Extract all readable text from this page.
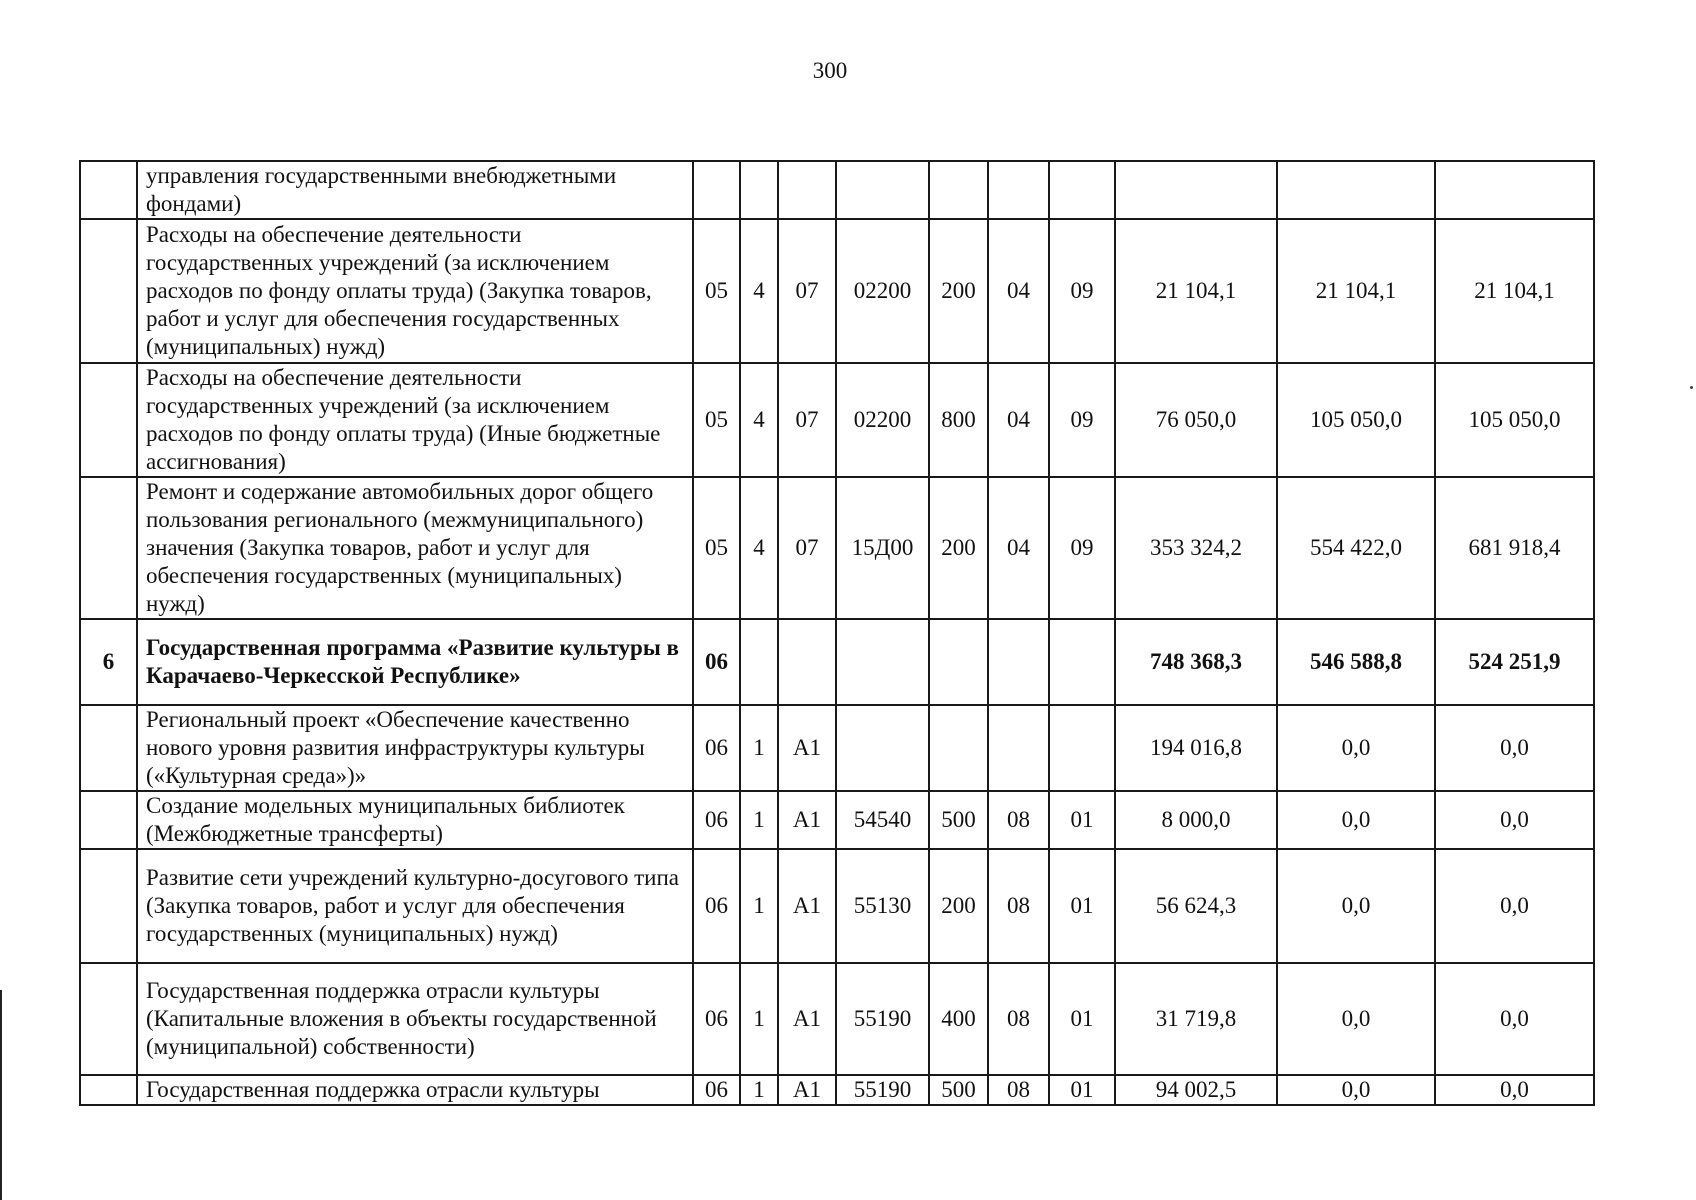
300
	управления государственными внебюджетными фондами)										
	Расходы на обеспечение деятельности государственных учреждений (за исключением расходов по фонду оплаты труда) (Закупка товаров, работ и услуг для обеспечения государственных (муниципальных) нужд)	05	4	07	02200	200	04	09	21 104,1	21 104,1	21 104,1
	Расходы на обеспечение деятельности государственных учреждений (за исключением расходов по фонду оплаты труда) (Иные бюджетные ассигнования)	05	4	07	02200	800	04	09	76 050,0	105 050,0	105 050,0
	Ремонт и содержание автомобильных дорог общего пользования регионального (межмуниципального) значения (Закупка товаров, работ и услуг для обеспечения государственных (муниципальных) нужд)	05	4	07	15Д00	200	04	09	353 324,2	554 422,0	681 918,4
6	Государственная программа «Развитие культуры в Карачаево-Черкесской Республике»	06							748 368,3	546 588,8	524 251,9
	Региональный проект «Обеспечение качественно нового уровня развития инфраструктуры культуры («Культурная среда»)»	06	1	А1					194 016,8	0,0	0,0
	Создание модельных муниципальных библиотек (Межбюджетные трансферты)	06	1	А1	54540	500	08	01	8 000,0	0,0	0,0
	Развитие сети учреждений культурно-досугового типа (Закупка товаров, работ и услуг для обеспечения государственных (муниципальных) нужд)	06	1	А1	55130	200	08	01	56 624,3	0,0	0,0
	Государственная поддержка отрасли культуры (Капитальные вложения в объекты государственной (муниципальной) собственности)	06	1	А1	55190	400	08	01	31 719,8	0,0	0,0
	Государственная поддержка отрасли культуры	06	1	А1	55190	500	08	01	94 002,5	0,0	0,0
